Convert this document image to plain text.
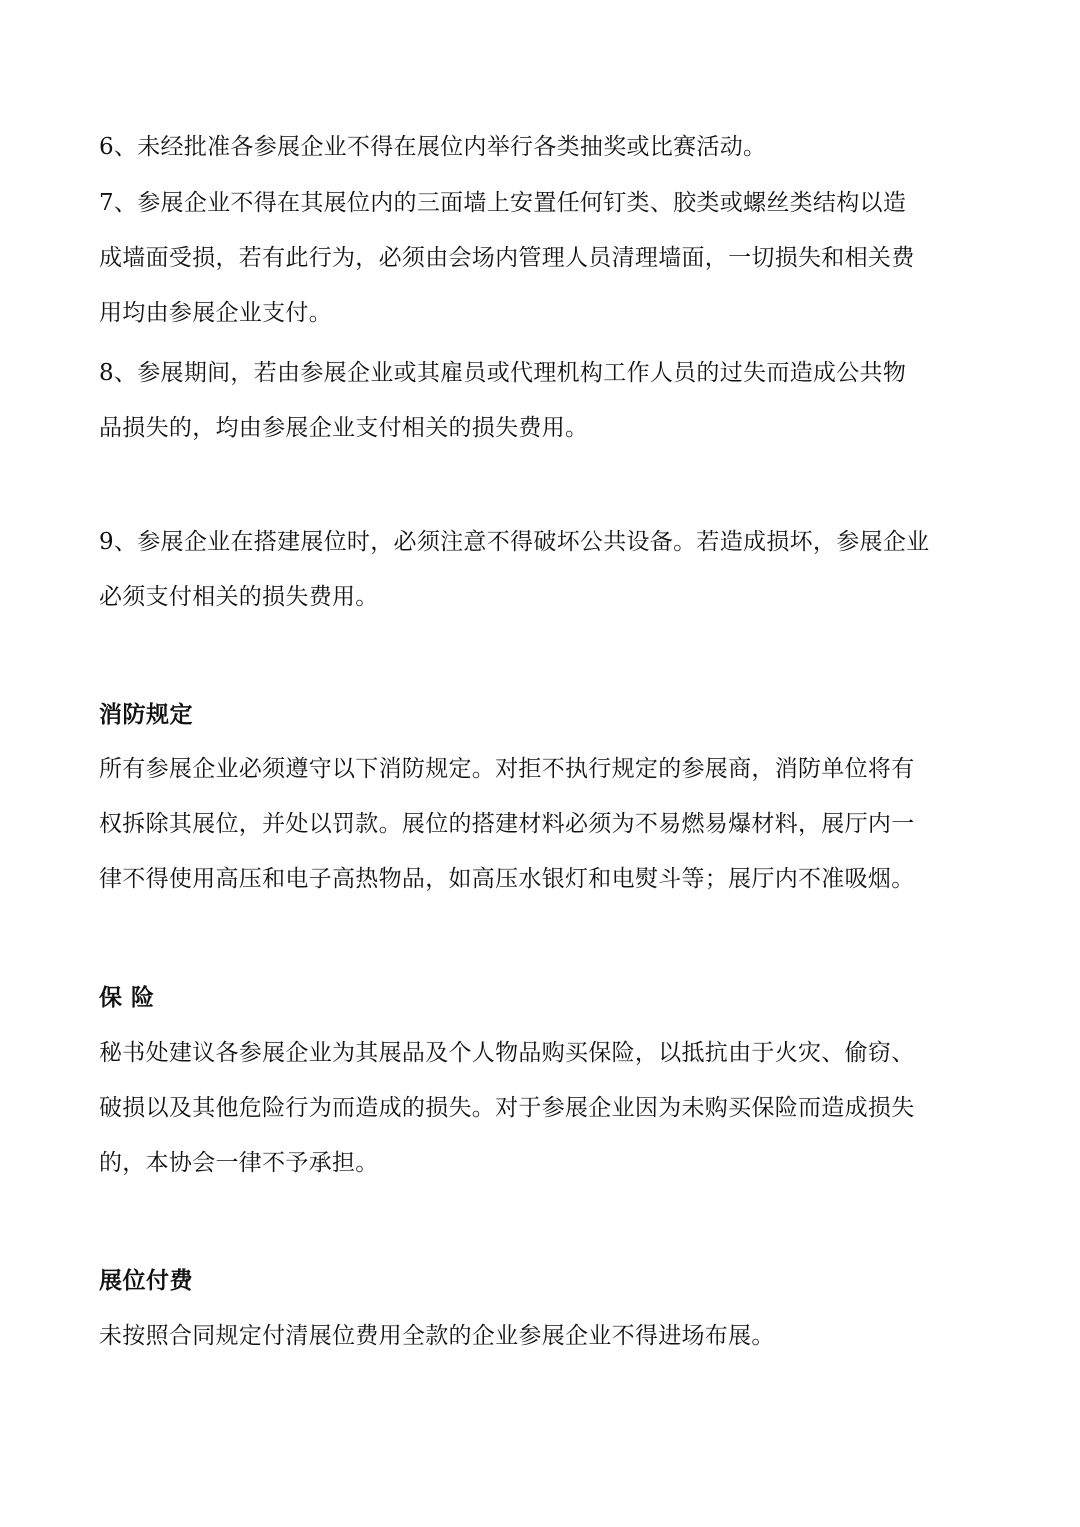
6、未经批准各参展企业不得在展位内举行各类抽奖或比赛活动。

7、参展企业不得在其展位内的三面墙上安置任何钉类、胶类或螺丝类结构以造
成墙面受损，若有此行为，必须由会场内管理人员清理墙面，一切损失和相关费
用均由参展企业支付。

8、参展期间，若由参展企业或其雇员或代理机构工作人员的过失而造成公共物
品损失的，均由参展企业支付相关的损失费用。

9、参展企业在搭建展位时，必须注意不得破坏公共设备。若造成损坏，参展企业
必须支付相关的损失费用。

消防规定

所有参展企业必须遵守以下消防规定。对拒不执行规定的参展商，消防单位将有
权拆除其展位，并处以罚款。展位的搭建材料必须为不易燃易爆材料，展厅内一
律不得使用高压和电子高热物品，如高压水银灯和电熨斗等；展厅内不准吸烟。

保 险

秘书处建议各参展企业为其展品及个人物品购买保险，以抵抗由于火灾、偷窃、
破损以及其他危险行为而造成的损失。对于参展企业因为未购买保险而造成损失
的，本协会一律不予承担。

展位付费

未按照合同规定付清展位费用全款的企业参展企业不得进场布展。
